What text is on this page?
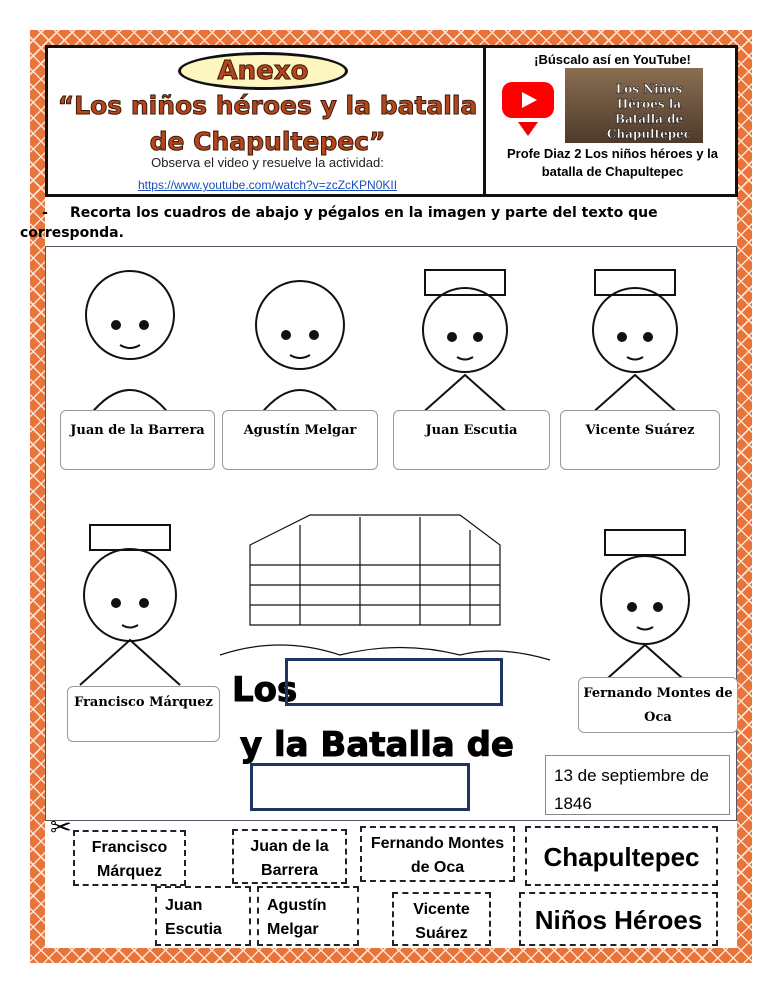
Anexo
“Los niños héroes y la batalla de Chapultepec”
Observa el video y resuelve la actividad:
https://www.youtube.com/watch?v=zcZcKPN0KII
¡Búscalo así en YouTube!
Los Niños Héroes la Batalla de Chapultepec
Profe Diaz 2 Los niños héroes y la batalla de Chapultepec
- Recorta los cuadros de abajo y pégalos en la imagen y parte del texto que corresponda.
Juan de la Barrera	Agustín Melgar	Juan Escutia	Vicente Suárez
Francisco Márquez
Fernando Montes de Oca
Los
y la Batalla de
13 de septiembre de 1846
✂
Francisco Márquez
Juan de la Barrera
Fernando Montes de Oca	Chapultepec
Juan Escutia
Agustín Melgar
Vicente Suárez	Niños Héroes
